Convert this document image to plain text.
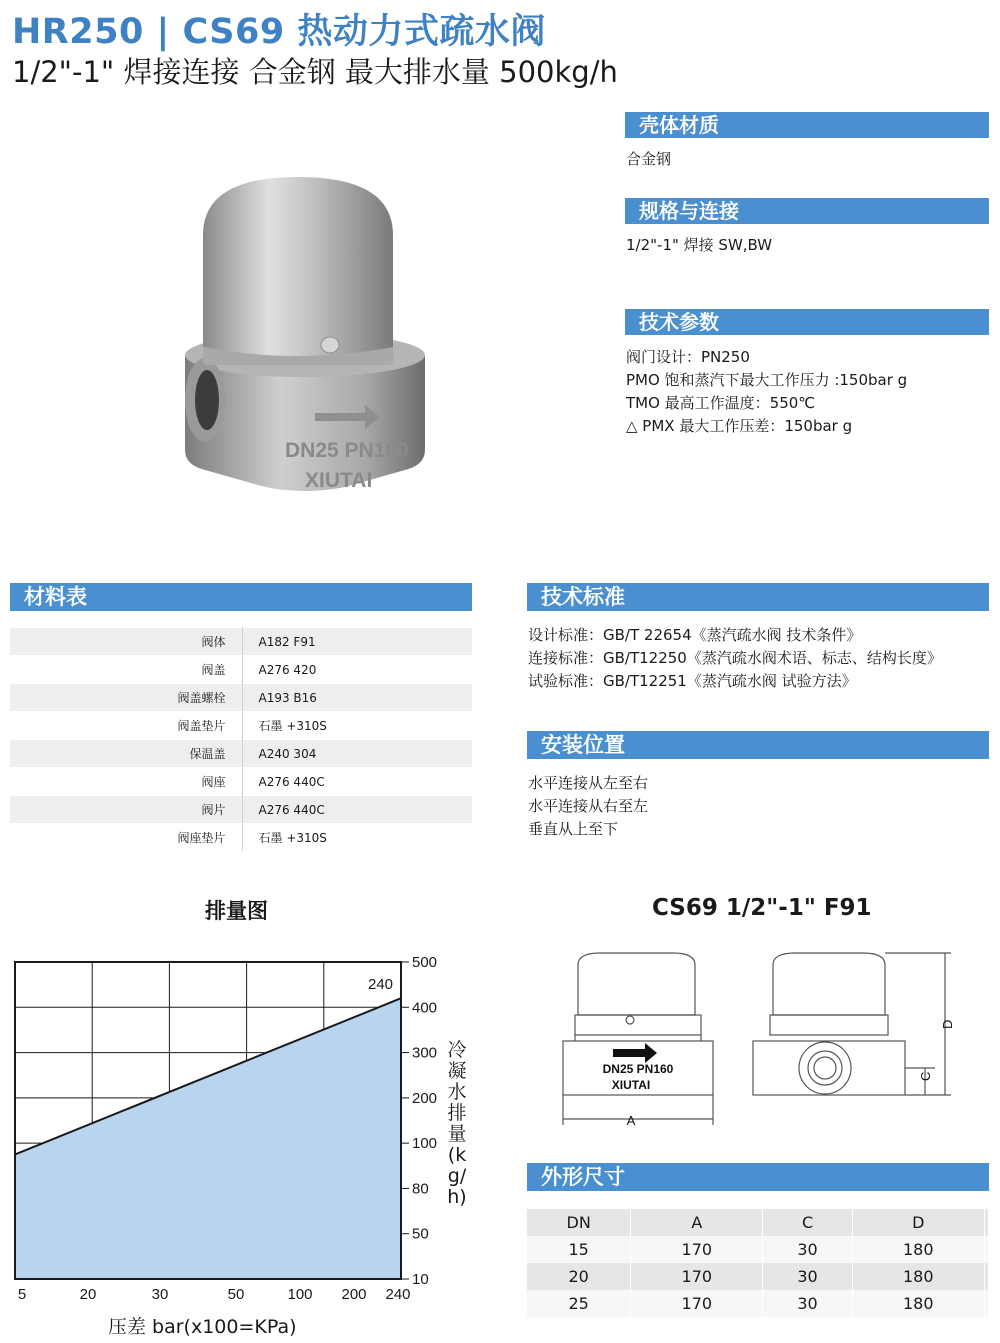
HR250 | CS69 热动力式疏水阀
1/2"-1" 焊接连接 合金钢 最大排水量 500kg/h
DN25 PN160
XIUTAI
壳体材质
合金钢
规格与连接
1/2"-1" 焊接 SW,BW
技术参数
阀门设计：PN250
PMO 饱和蒸汽下最大工作压力 :150bar g
TMO 最高工作温度：550℃
△ PMX 最大工作压差：150bar g
材料表
阀体	A182 F91
阀盖	A276 420
阀盖螺栓	A193 B16
阀盖垫片	石墨 +310S
保温盖	A240 304
阀座	A276 440C
阀片	A276 440C
阀座垫片	石墨 +310S
技术标准
设计标准：GB/T 22654《蒸汽疏水阀 技术条件》
连接标准：GB/T12250《蒸汽疏水阀术语、标志、结构长度》
试验标准：GB/T12251《蒸汽疏水阀 试验方法》
安装位置
水平连接从左至右
水平连接从右至左
垂直从上至下
排量图
5	20	30	50	100 200 240
500
400
300
200
100
80
50
10
240
压差 bar(x100=KPa)
冷凝水排量(kg/h)
CS69 1/2"-1" F91
DN25 PN160
XIUTAI
A
C
D
外形尺寸
DN	A	C	D	
15	170	30	180	
20	170	30	180	
25	170	30	180	
